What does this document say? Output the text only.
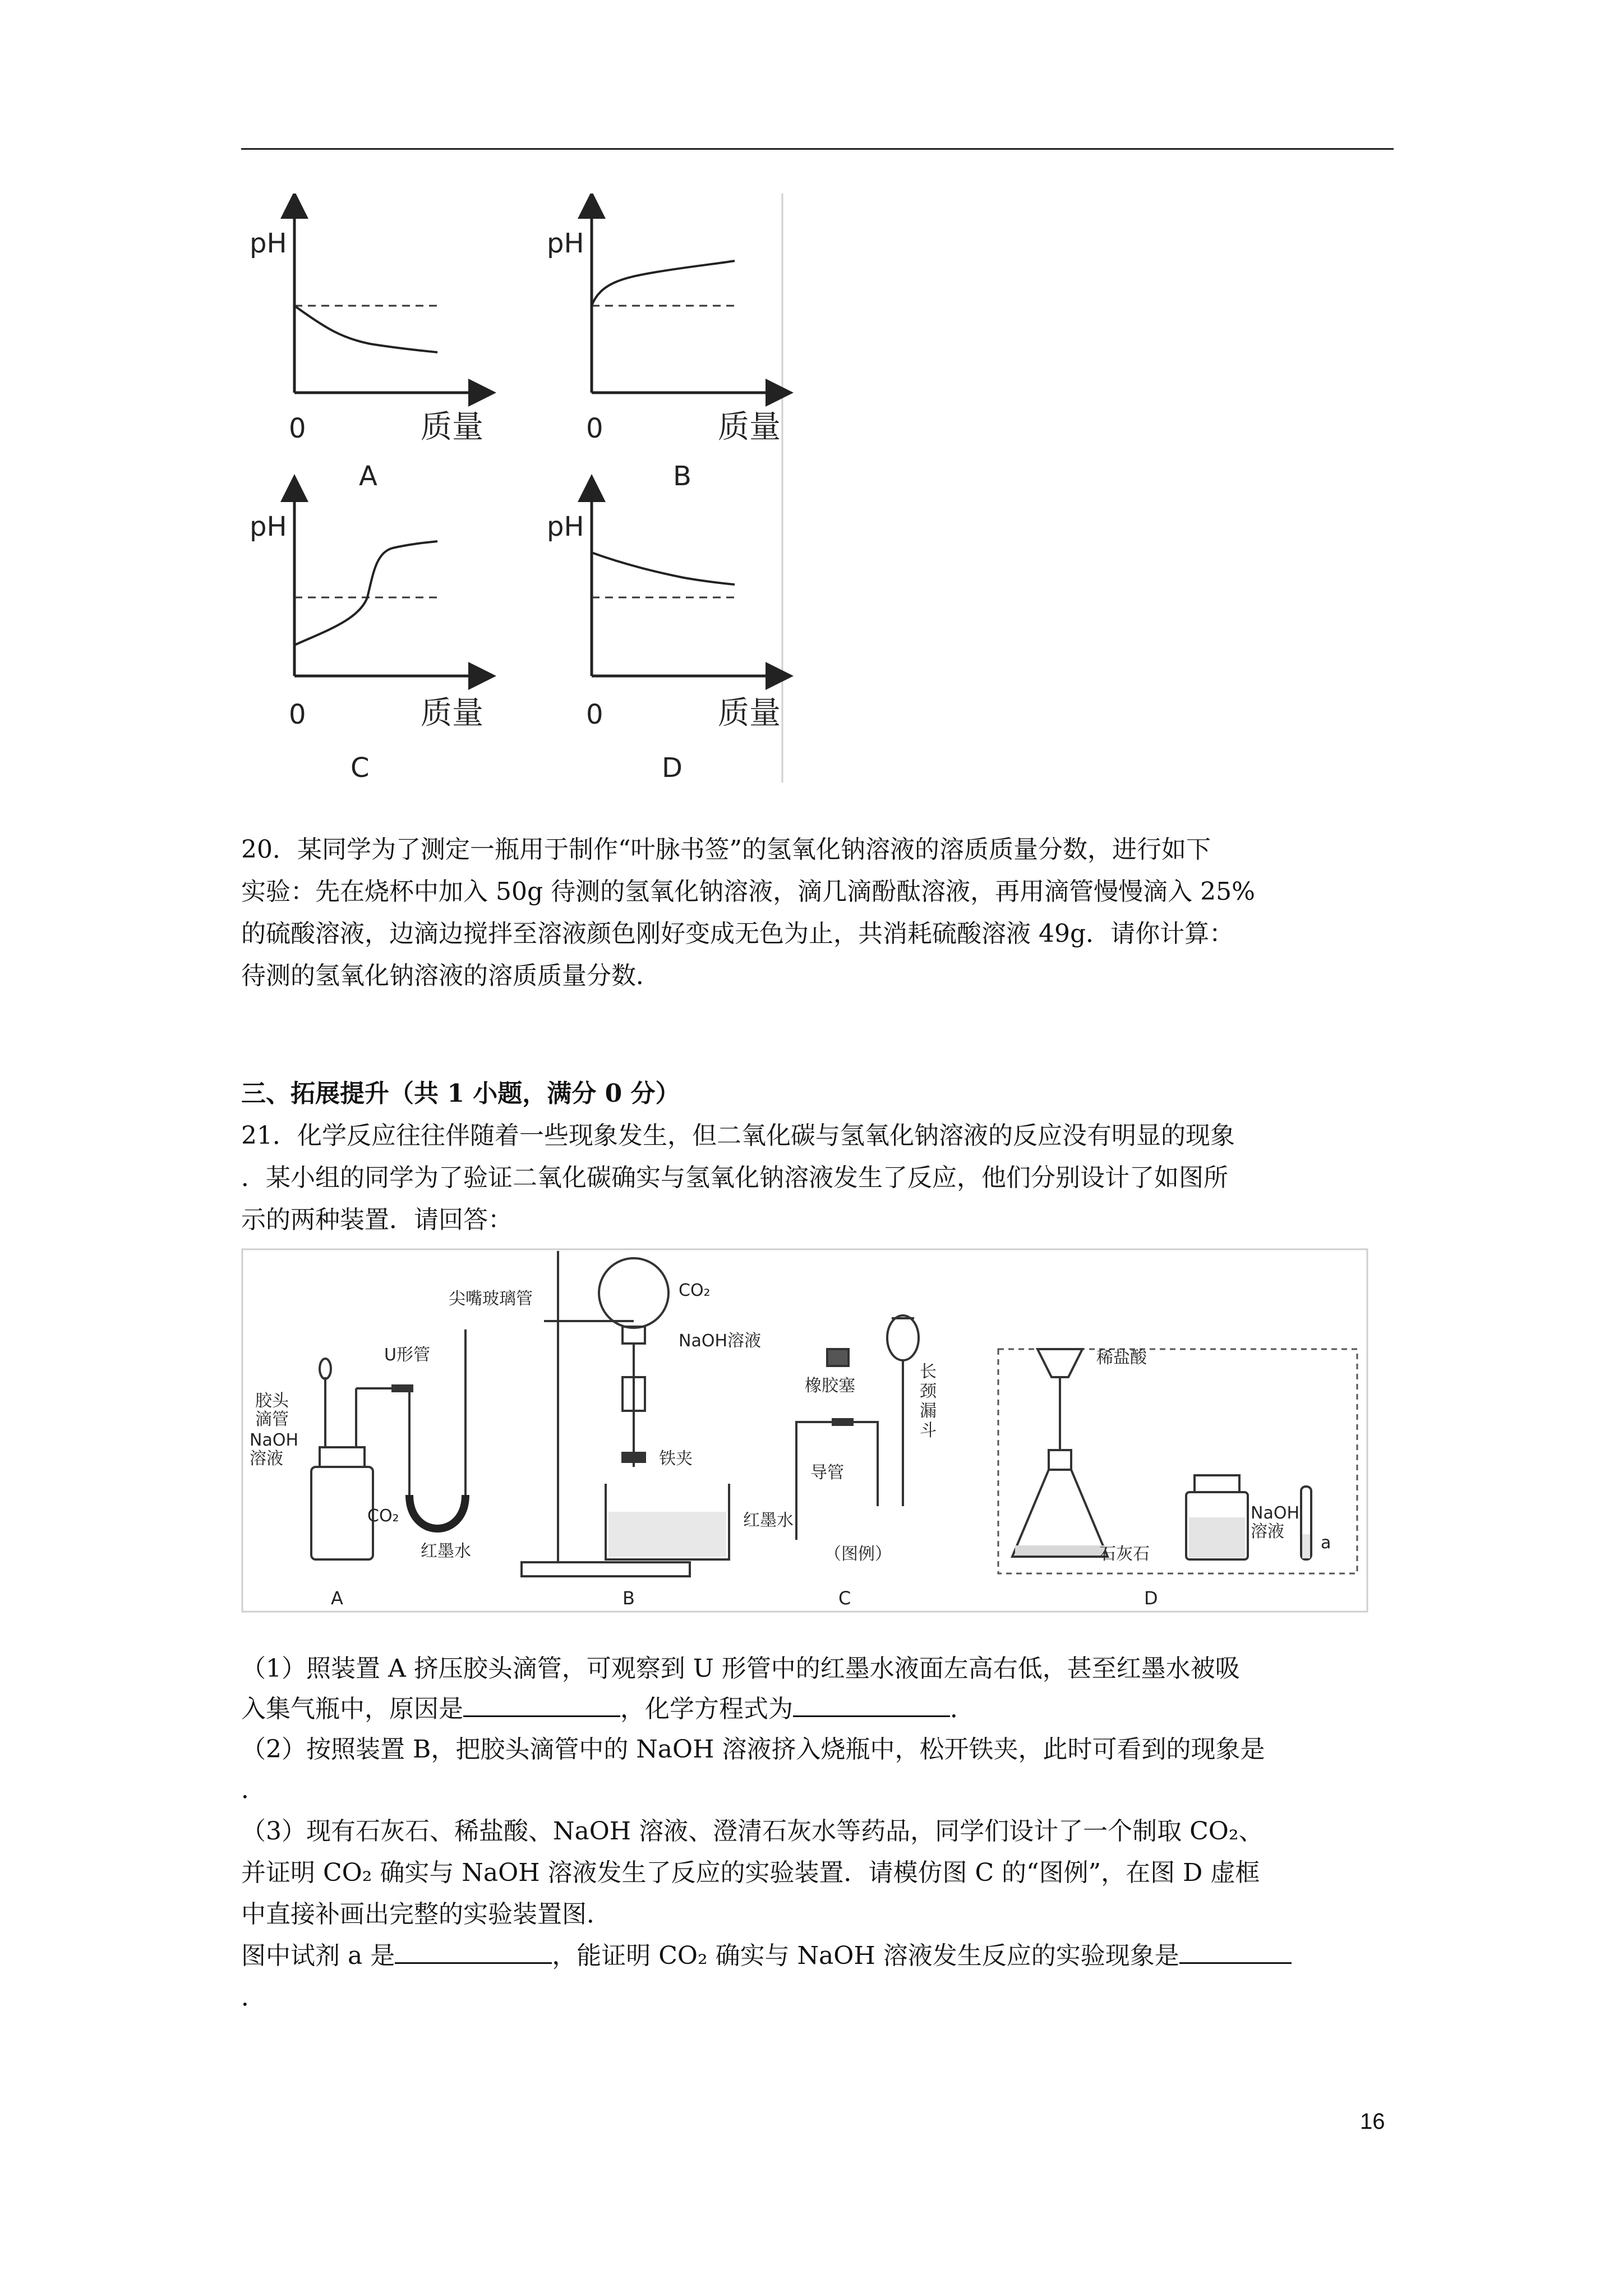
pH
0	质量
A
pH
0	质量
B
pH
0	质量
C
pH
0	质量
D
20．某同学为了测定一瓶用于制作“叶脉书签”的氢氧化钠溶液的溶质质量分数，进行如下
实验：先在烧杯中加入 50g 待测的氢氧化钠溶液，滴几滴酚酞溶液，再用滴管慢慢滴入 25%
的硫酸溶液，边滴边搅拌至溶液颜色刚好变成无色为止，共消耗硫酸溶液 49g．请你计算：
待测的氢氧化钠溶液的溶质质量分数．
三、拓展提升（共 1 小题，满分 0 分）
21．化学反应往往伴随着一些现象发生，但二氧化碳与氢氧化钠溶液的反应没有明显的现象
．某小组的同学为了验证二氧化碳确实与氢氧化钠溶液发生了反应，他们分别设计了如图所
示的两种装置．请回答：
胶头
滴管
NaOH
溶液
U形管
CO₂
红墨水
A
尖嘴玻璃管	CO₂
NaOH溶液
铁夹
红墨水
B
橡胶塞
长
颈
漏
斗
导管
（图例）
C
稀盐酸
石灰石
NaOH
溶液
a
D
（1）照装置 A 挤压胶头滴管，可观察到 U 形管中的红墨水液面左高右低，甚至红墨水被吸
入集气瓶中，原因是	，化学方程式为	．
（2）按照装置 B，把胶头滴管中的 NaOH 溶液挤入烧瓶中，松开铁夹，此时可看到的现象是
．
（3）现有石灰石、稀盐酸、NaOH 溶液、澄清石灰水等药品，同学们设计了一个制取 CO₂、
并证明 CO₂ 确实与 NaOH 溶液发生了反应的实验装置．请模仿图 C 的“图例”，在图 D 虚框
中直接补画出完整的实验装置图．
图中试剂 a 是	，能证明 CO₂ 确实与 NaOH 溶液发生反应的实验现象是
．
16
